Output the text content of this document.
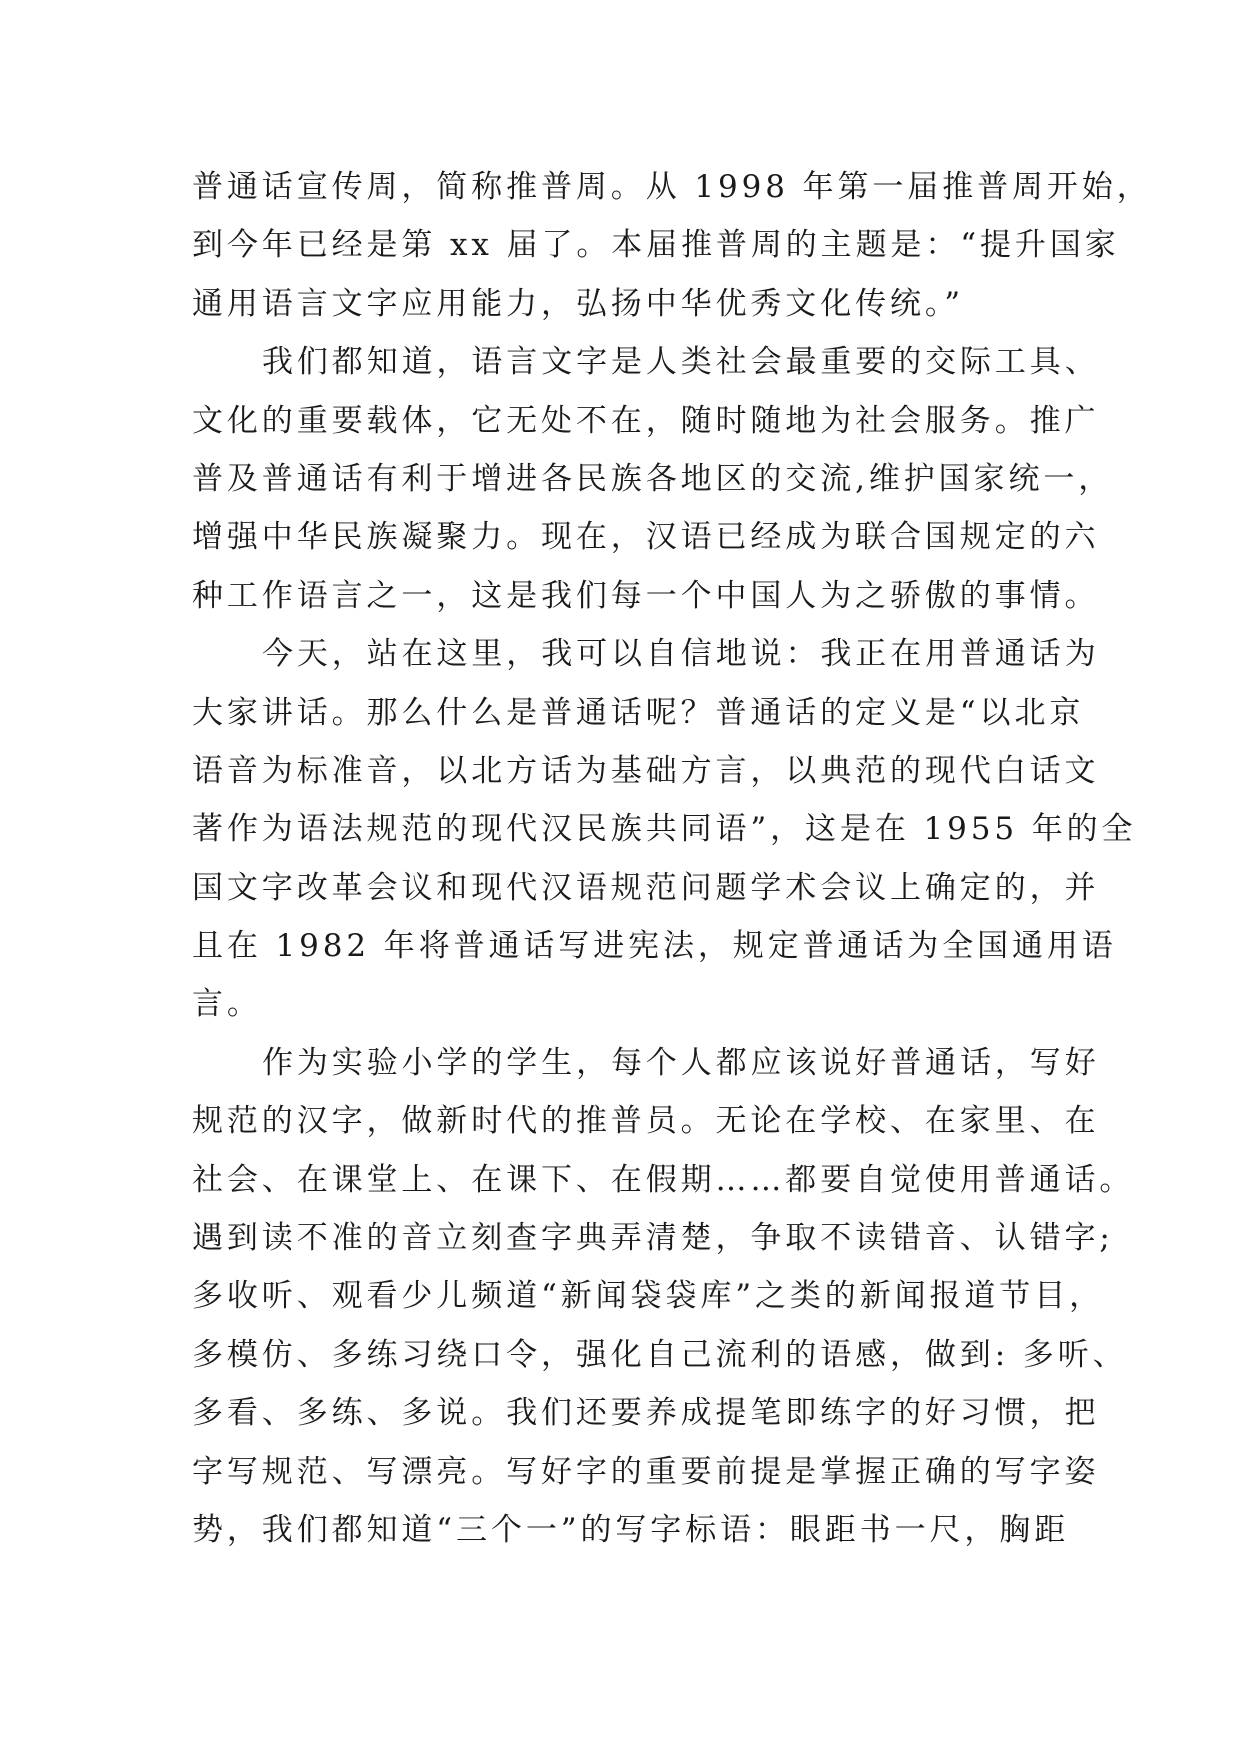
普通话宣传周，简称推普周。从 1998 年第一届推普周开始，
到今年已经是第 xx 届了。本届推普周的主题是：“提升国家
通用语言文字应用能力，弘扬中华优秀文化传统。”
我们都知道，语言文字是人类社会最重要的交际工具、
文化的重要载体，它无处不在，随时随地为社会服务。推广
普及普通话有利于增进各民族各地区的交流,维护国家统一，
增强中华民族凝聚力。现在，汉语已经成为联合国规定的六
种工作语言之一，这是我们每一个中国人为之骄傲的事情。
今天，站在这里，我可以自信地说：我正在用普通话为
大家讲话。那么什么是普通话呢？普通话的定义是“以北京
语音为标准音，以北方话为基础方言，以典范的现代白话文
著作为语法规范的现代汉民族共同语”，这是在 1955 年的全
国文字改革会议和现代汉语规范问题学术会议上确定的，并
且在 1982 年将普通话写进宪法，规定普通话为全国通用语
言。
作为实验小学的学生，每个人都应该说好普通话，写好
规范的汉字，做新时代的推普员。无论在学校、在家里、在
社会、在课堂上、在课下、在假期……都要自觉使用普通话。
遇到读不准的音立刻查字典弄清楚，争取不读错音、认错字;
多收听、观看少儿频道“新闻袋袋库”之类的新闻报道节目，
多模仿、多练习绕口令，强化自己流利的语感，做到: 多听、
多看、多练、多说。我们还要养成提笔即练字的好习惯，把
字写规范、写漂亮。写好字的重要前提是掌握正确的写字姿
势，我们都知道“三个一”的写字标语：眼距书一尺，胸距
